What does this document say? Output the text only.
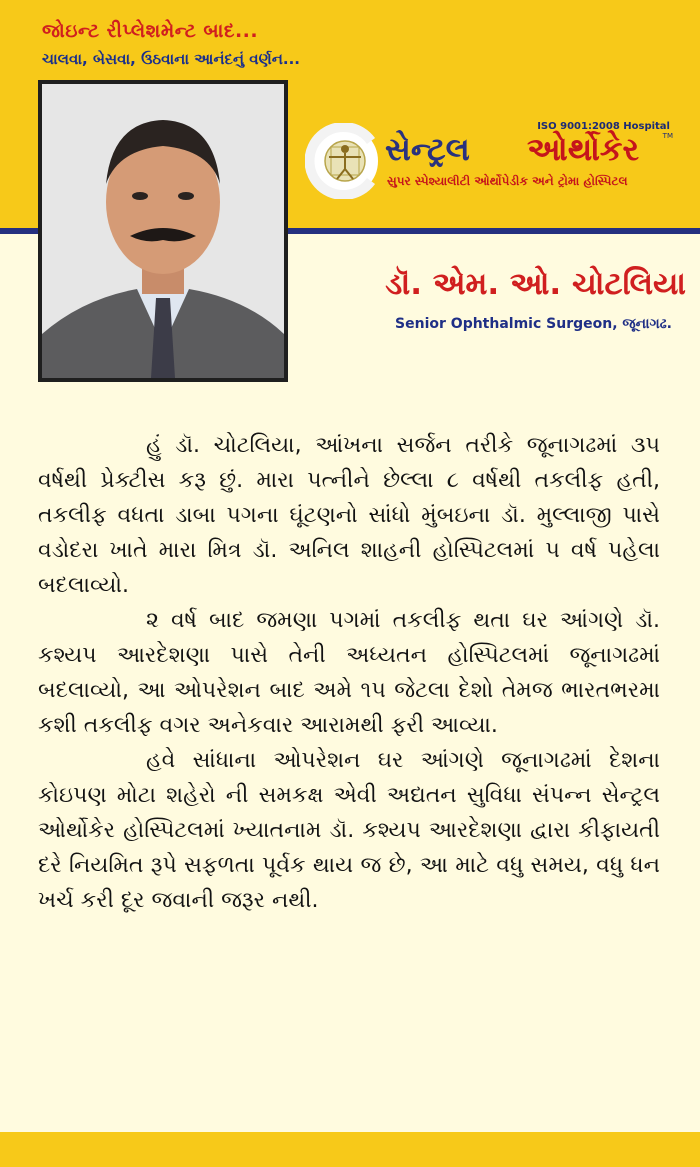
જોઇન્ટ રીપ્લેશમેન્ટ બાદ...
ચાલવા, બેસવા, ઉઠવાના આનંદનું વર્ણન...
ISO 9001:2008 Hospital
TM
સેન્ટ્રલ ઓર્થોકેર
સુપર સ્પેશ્યાલીટી ઓર્થોપેડીક અને ટ્રોમા હોસ્પિટલ
ડૉ. એમ. ઓ. ચોટલિયા
Senior Ophthalmic Surgeon, જૂનાગઢ.

હું ડૉ. ચોટલિયા, આંખના સર્જન તરીકે જૂનાગઢમાં ૩૫ વર્ષથી પ્રેક્ટીસ કરૂ છું. મારા પત્નીને છેલ્લા ૮ વર્ષથી તકલીફ હતી, તકલીફ વધતા ડાબા પગના ઘૂંટણનો સાંધો મુંબઇના ડૉ. મુલ્લાજી પાસે વડોદરા ખાતે મારા મિત્ર ડૉ. અનિલ શાહની હોસ્પિટલમાં ૫ વર્ષ પહેલા બદલાવ્યો.

૨ વર્ષ બાદ જમણા પગમાં તકલીફ થતા ઘર આંગણે ડૉ. કશ્યપ આરદેશણા પાસે તેની અધ્યતન હોસ્પિટલમાં જૂનાગઢમાં બદલાવ્યો, આ ઓપરેશન બાદ અમે ૧૫ જેટલા દેશો તેમજ ભારતભરમા કશી તકલીફ વગર અનેકવાર આરામથી ફરી આવ્યા.

હવે સાંધાના ઓપરેશન ઘર આંગણે જૂનાગઢમાં દેશના કોઇપણ મોટા શહેરો ની સમકક્ષ એવી અદ્યતન સુવિધા સંપન્ન સેન્ટ્રલ ઓર્થોકેર હોસ્પિટલમાં ખ્યાતનામ ડૉ. કશ્યપ આરદેશણા દ્વારા કીફાયતી દરે નિયમિત રૂપે સફળતા પૂર્વક થાય જ છે, આ માટે વધુ સમય, વધુ ધન ખર્ચ કરી દૂર જવાની જરૂર નથી.
